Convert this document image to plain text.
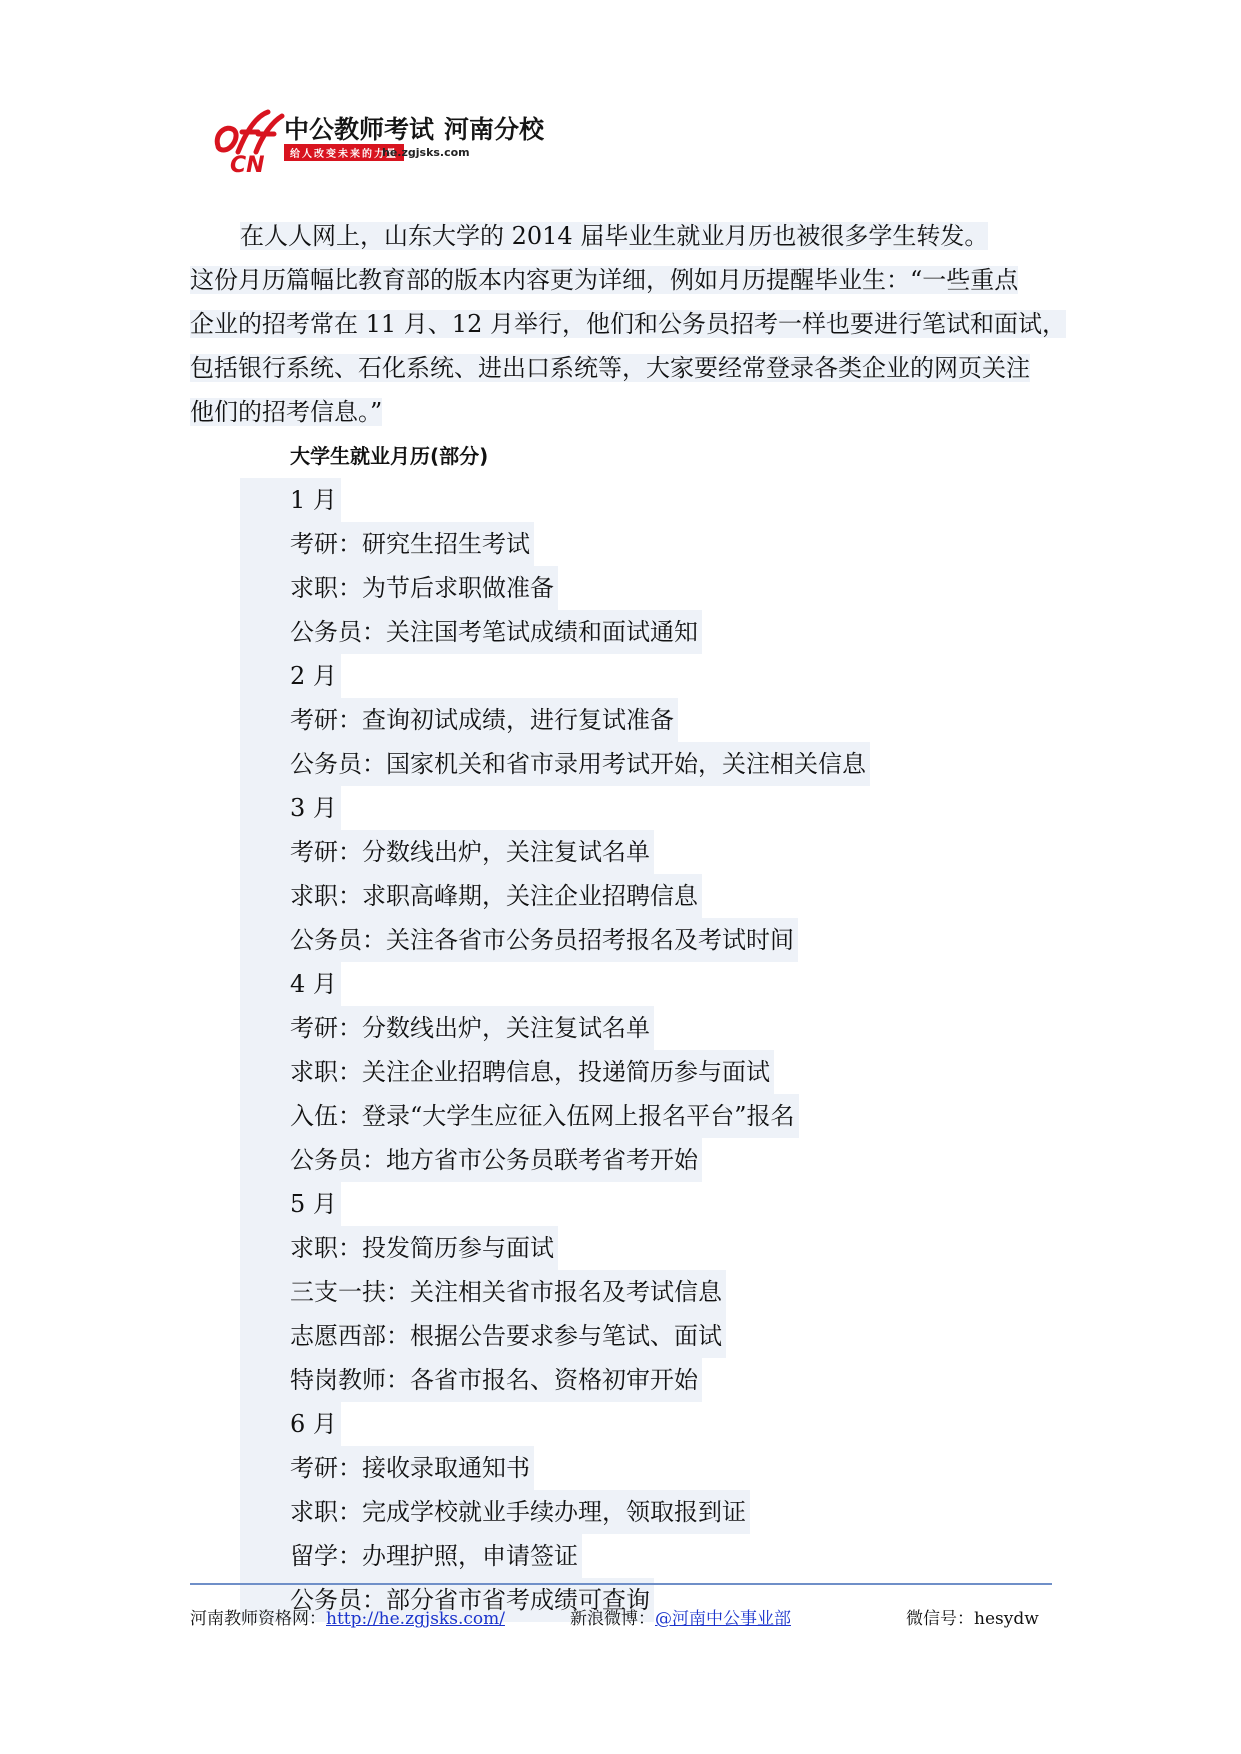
CN
中公教师考试 河南分校
给人改变未来的力量
he.zgjsks.com
在人人网上，山东大学的 2014 届毕业生就业月历也被很多学生转发。
这份月历篇幅比教育部的版本内容更为详细，例如月历提醒毕业生：“一些重点
企业的招考常在 11 月、12 月举行，他们和公务员招考一样也要进行笔试和面试，
包括银行系统、石化系统、进出口系统等，大家要经常登录各类企业的网页关注
他们的招考信息。”
大学生就业月历(部分)
1 月
考研：研究生招生考试
求职：为节后求职做准备
公务员：关注国考笔试成绩和面试通知
2 月
考研：查询初试成绩，进行复试准备
公务员：国家机关和省市录用考试开始，关注相关信息
3 月
考研：分数线出炉，关注复试名单
求职：求职高峰期，关注企业招聘信息
公务员：关注各省市公务员招考报名及考试时间
4 月
考研：分数线出炉，关注复试名单
求职：关注企业招聘信息，投递简历参与面试
入伍：登录“大学生应征入伍网上报名平台”报名
公务员：地方省市公务员联考省考开始
5 月
求职：投发简历参与面试
三支一扶：关注相关省市报名及考试信息
志愿西部：根据公告要求参与笔试、面试
特岗教师：各省市报名、资格初审开始
6 月
考研：接收录取通知书
求职：完成学校就业手续办理，领取报到证
留学：办理护照，申请签证
公务员：部分省市省考成绩可查询
河南教师资格网：http://he.zgjsks.com/	新浪微博：@河南中公事业部	微信号：hesydw
